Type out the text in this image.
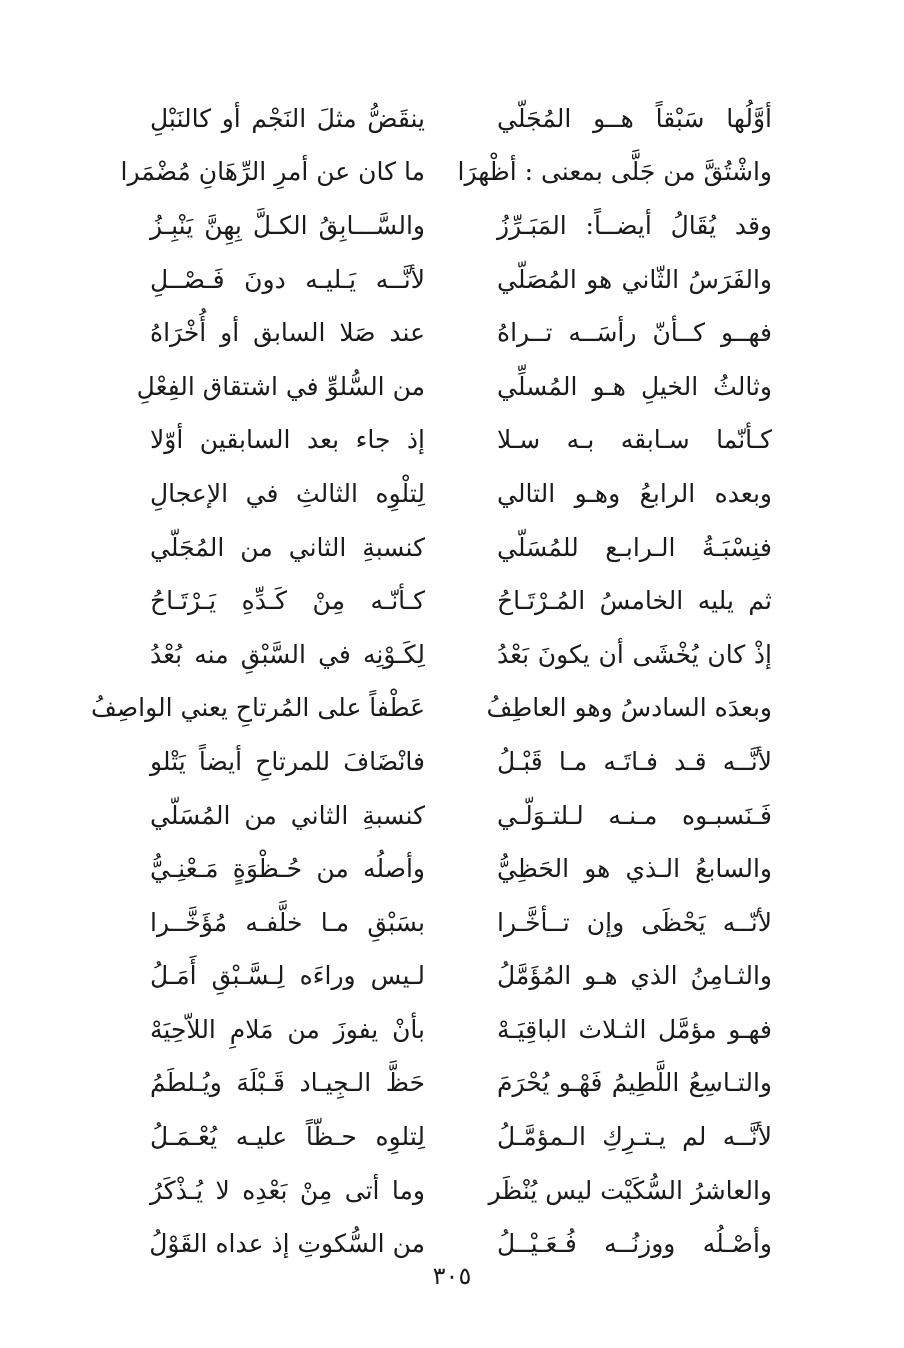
أوَّلُها سَبْقاً هــو المُجَلّي
ينقَضُّ مثلَ النَجْم أو كالنَبْلِ
واشْتُقَّ من جَلَّى بمعنى : أظْهرَا
ما كان عن أمرِ الرِّهَانِ مُضْمَرا
وقد يُقَالُ أيضــاً: المَبَـرِّزُ
والسَّـــابِقُ الكـلَّ بِهِنَّ يَنْبِـزُ
والفَرَسُ الثّاني هو المُصَلّي
لأنَّــه يَـليـه دونَ فَـصْــلِ
فهــو كــأنّ رأسَــه تــراهُ
عند صَلا السابق أو أُخْرَاهُ
وثالثُ الخيلِ هـو المُسلِّي
من السُّلوِّ في اشتقاق الفِعْلِ
كـأنّما سـابقه بـه سـلا
إذ جاء بعد السابقين أوّلا
وبعده الرابعُ وهـو التالي
لِتلْوِه الثالثِ في الإعجالِ
فنِسْبَـةُ الـرابـع للمُسَلّي
كنسبةِ الثاني من المُجَلّي
ثم يليه الخامسُ المُـرْتَـاحُ
كـأنّـه مِنْ كَـدِّهِ يَـرْتَـاحُ
إذْ كان يُخْشَى أن يكونَ بَعْدُ
لِكَـوْنِه في السَّبْقِ منه بُعْدُ
وبعدَه السادسُ وهو العاطِفُ
عَطْفاً على المُرتاحِ يعني الواصِفُ
لأنَّــه قـد فـاتَـه مـا قَبْـلُ
فانْضَافَ للمرتاحِ أيضاً يَتْلو
فَـنَسبـوه مـنـه لـلتـوَلّـي
كنسبةِ الثاني من المُسَلّي
والسابعُ الـذي هو الحَظِيُّ
وأصلُه من حُـظْوَةٍ مَـعْنِـيُّ
لأنّــه يَحْظَى وإن تــأخَّـرا
بسَبْقِ مـا خلَّفـه مُؤَخَّــرا
والثـامِنُ الذي هـو المُؤَمَّلُ
لـيس وراءَه لِـسَّـبْقِ أَمَـلُ
فهـو مؤمَّل الثـلاث الباقِيَـهْ
بأنْ يفوزَ من مَلامِ اللاّحِيَهْ
والتـاسِعُ اللَّطِيمُ فَهْـو يُحْرَمَ
حَظَّ الـجِيـاد قَـبْلَهَ ويُـلطَمُ
لأنَّــه لم يـتـرِكِ الـمؤمَّـلُ
لِتلوِه حـظّاً عليـه يُعْـمَـلُ
والعاشرُ السُّكَيْت ليس يُنْظَر
وما أتى مِنْ بَعْدِه لا يُـذْكَرُ
وأصْـلُه ووزنُــه فُـعَـيْــلُ
من السُّكوتِ إذ عداه القَوْلُ
٣٠٥
